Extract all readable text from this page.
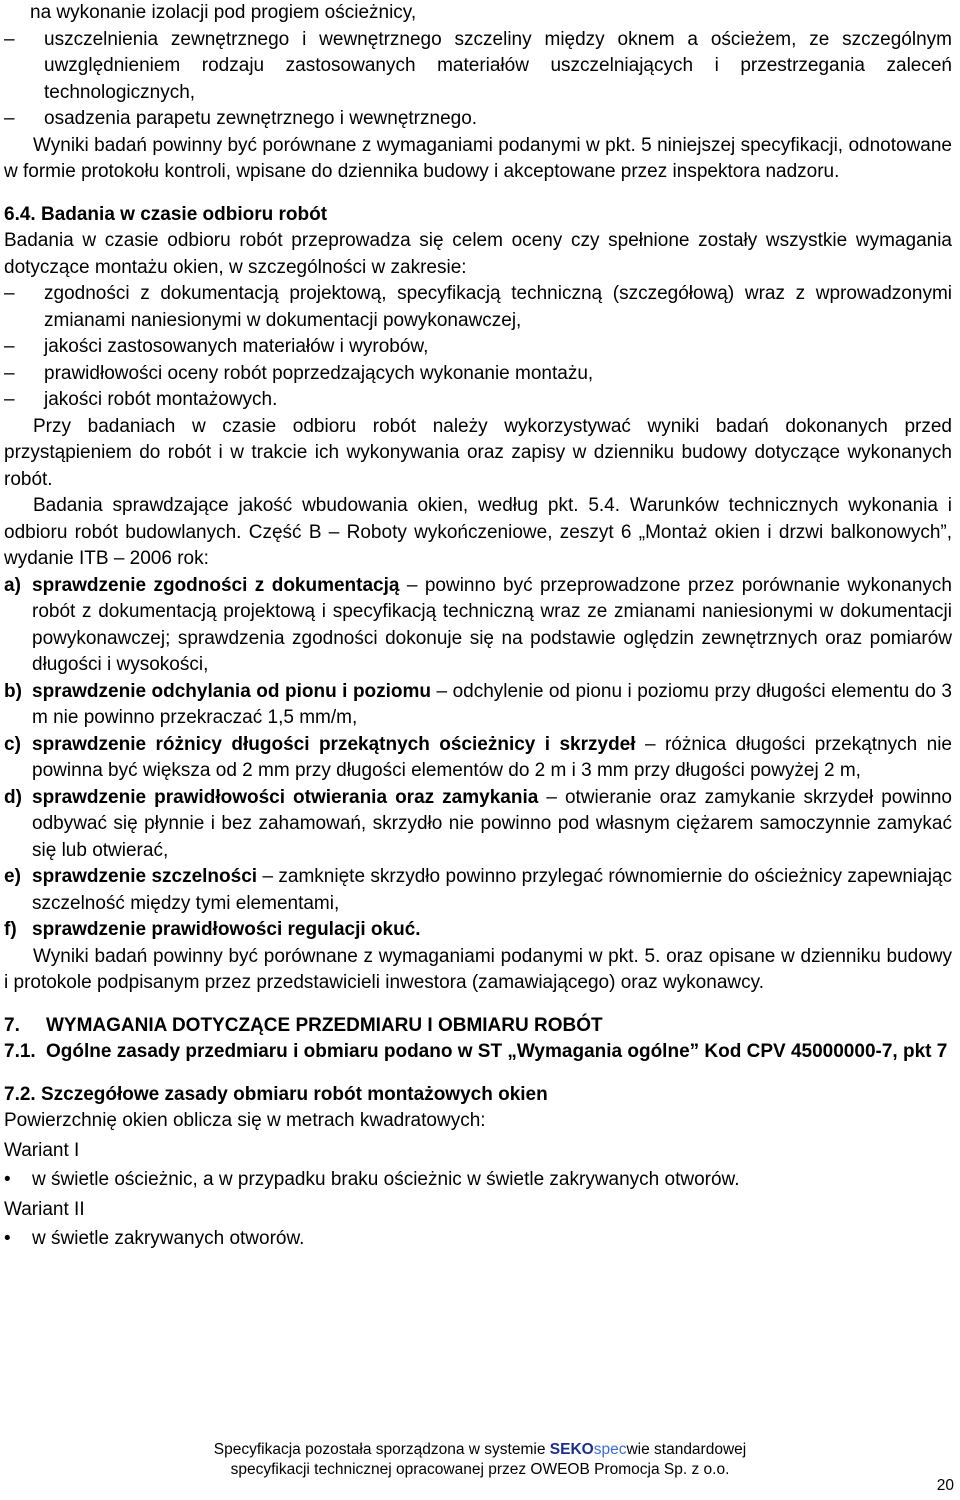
na wykonanie izolacji pod progiem ościeżnicy,

– uszczelnienia zewnętrznego i wewnętrznego szczeliny między oknem a ościeżem, ze szczególnym uwzględnieniem rodzaju zastosowanych materiałów uszczelniających i przestrzegania zaleceń technologicznych,
– osadzenia parapetu zewnętrznego i wewnętrznego.

Wyniki badań powinny być porównane z wymaganiami podanymi w pkt. 5 niniejszej specyfikacji, odnotowane w formie protokołu kontroli, wpisane do dziennika budowy i akceptowane przez inspektora nadzoru.

6.4. Badania w czasie odbioru robót

Badania w czasie odbioru robót przeprowadza się celem oceny czy spełnione zostały wszystkie wymagania dotyczące montażu okien, w szczególności w zakresie:

– zgodności z dokumentacją projektową, specyfikacją techniczną (szczegółową) wraz z wprowadzonymi zmianami naniesionymi w dokumentacji powykonawczej,
– jakości zastosowanych materiałów i wyrobów,
– prawidłowości oceny robót poprzedzających wykonanie montażu,
– jakości robót montażowych.

Przy badaniach w czasie odbioru robót należy wykorzystywać wyniki badań dokonanych przed przystąpieniem do robót i w trakcie ich wykonywania oraz zapisy w dzienniku budowy dotyczące wykonanych robót.

Badania sprawdzające jakość wbudowania okien, według pkt. 5.4. Warunków technicznych wykonania i odbioru robót budowlanych. Część B – Roboty wykończeniowe, zeszyt 6 „Montaż okien i drzwi balkonowych”, wydanie ITB – 2006 rok:

a) sprawdzenie zgodności z dokumentacją – powinno być przeprowadzone przez porównanie wykonanych robót z dokumentacją projektową i specyfikacją techniczną wraz ze zmianami naniesionymi w dokumentacji powykonawczej; sprawdzenia zgodności dokonuje się na podstawie oględzin zewnętrznych oraz pomiarów długości i wysokości,
b) sprawdzenie odchylania od pionu i poziomu – odchylenie od pionu i poziomu przy długości elementu do 3 m nie powinno przekraczać 1,5 mm/m,
c) sprawdzenie różnicy długości przekątnych ościeżnicy i skrzydeł – różnica długości przekątnych nie powinna być większa od 2 mm przy długości elementów do 2 m i 3 mm przy długości powyżej 2 m,
d) sprawdzenie prawidłowości otwierania oraz zamykania – otwieranie oraz zamykanie skrzydeł powinno odbywać się płynnie i bez zahamowań, skrzydło nie powinno pod własnym ciężarem samoczynnie zamykać się lub otwierać,
e) sprawdzenie szczelności – zamknięte skrzydło powinno przylegać równomiernie do ościeżnicy zapewniając szczelność między tymi elementami,
f) sprawdzenie prawidłowości regulacji okuć.

Wyniki badań powinny być porównane z wymaganiami podanymi w pkt. 5. oraz opisane w dzienniku budowy i protokole podpisanym przez przedstawicieli inwestora (zamawiającego) oraz wykonawcy.

7. WYMAGANIA DOTYCZĄCE PRZEDMIARU I OBMIARU ROBÓT
7.1. Ogólne zasady przedmiaru i obmiaru podano w ST „Wymagania ogólne” Kod CPV 45000000-7, pkt 7

7.2. Szczegółowe zasady obmiaru robót montażowych okien

Powierzchnię okien oblicza się w metrach kwadratowych:

Wariant I

• w świetle ościeżnic, a w przypadku braku ościeżnic w świetle zakrywanych otworów.

Wariant II

• w świetle zakrywanych otworów.
Specyfikacja pozostała sporządzona w systemie SEKOspecwie standardowej
specyfikacji technicznej opracowanej przez OWEOB Promocja Sp. z o.o.
20
